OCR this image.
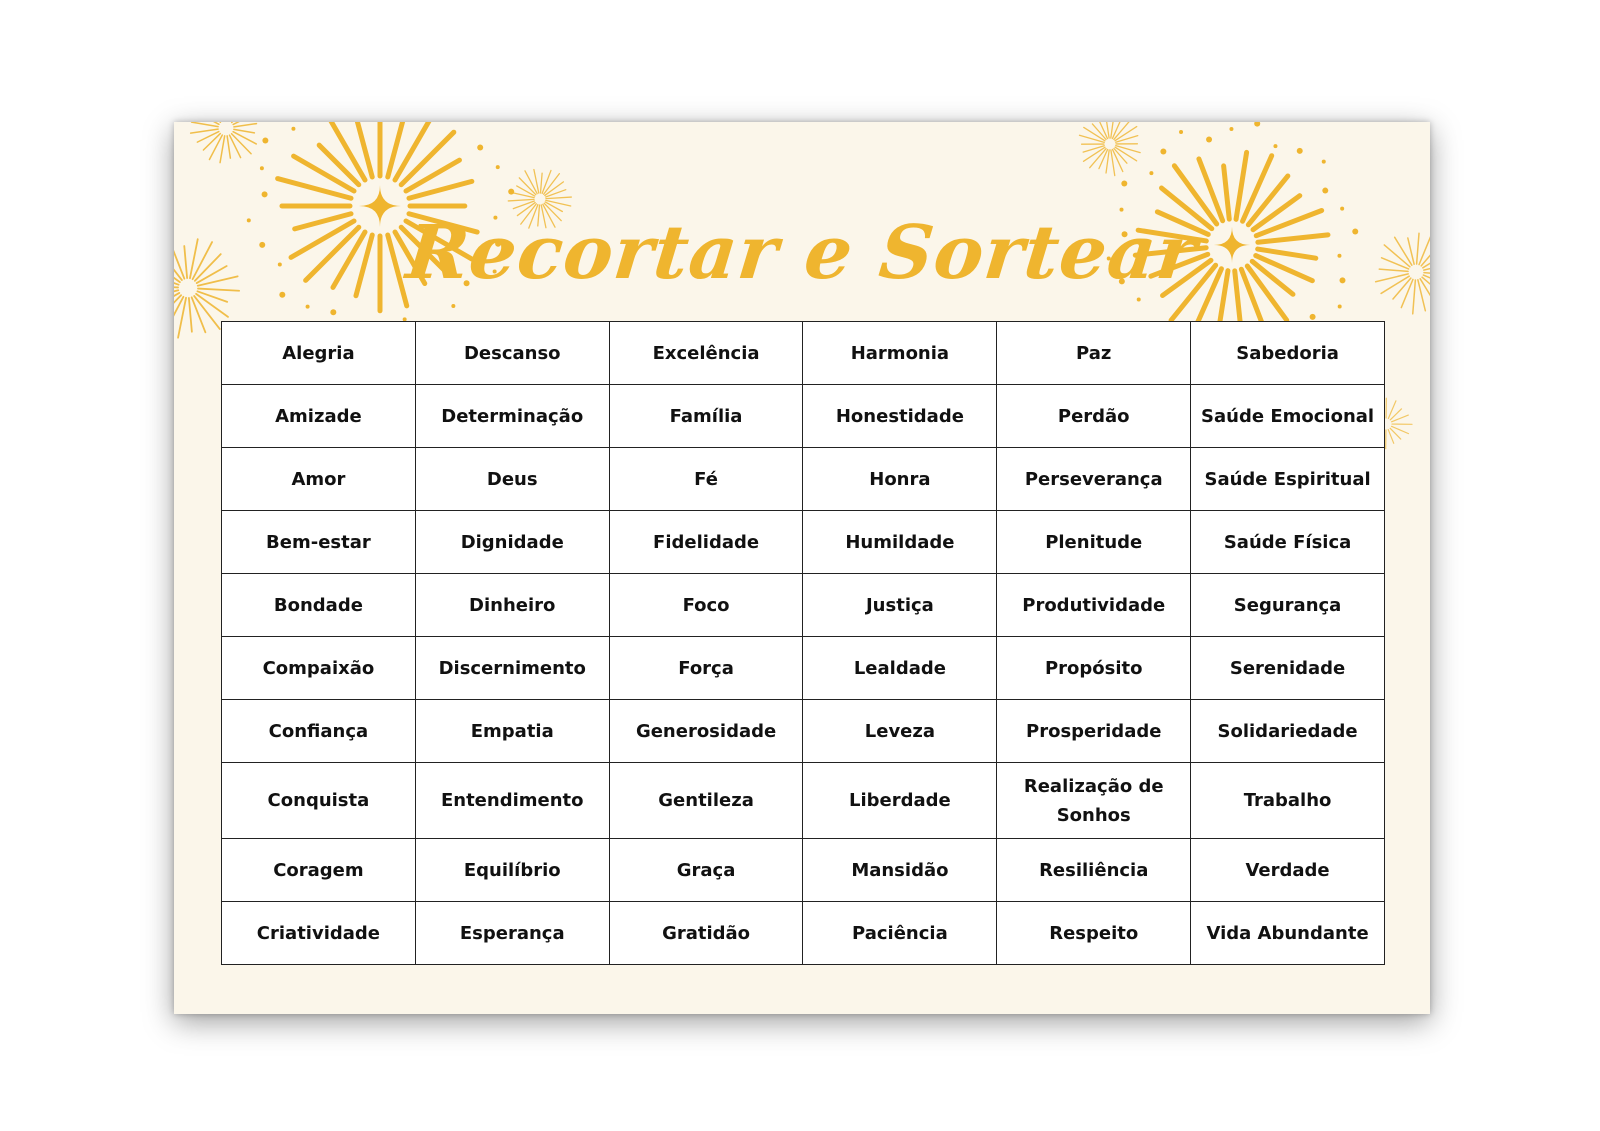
Recortar e Sortear
Alegria	Descanso	Excelência	Harmonia	Paz	Sabedoria
Amizade	Determinação	Família	Honestidade	Perdão	Saúde Emocional
Amor	Deus	Fé	Honra	Perseverança	Saúde Espiritual
Bem-estar	Dignidade	Fidelidade	Humildade	Plenitude	Saúde Física
Bondade	Dinheiro	Foco	Justiça	Produtividade	Segurança
Compaixão	Discernimento	Força	Lealdade	Propósito	Serenidade
Confiança	Empatia	Generosidade	Leveza	Prosperidade	Solidariedade
Conquista	Entendimento	Gentileza	Liberdade	Realização de Sonhos	Trabalho
Coragem	Equilíbrio	Graça	Mansidão	Resiliência	Verdade
Criatividade	Esperança	Gratidão	Paciência	Respeito	Vida Abundante
